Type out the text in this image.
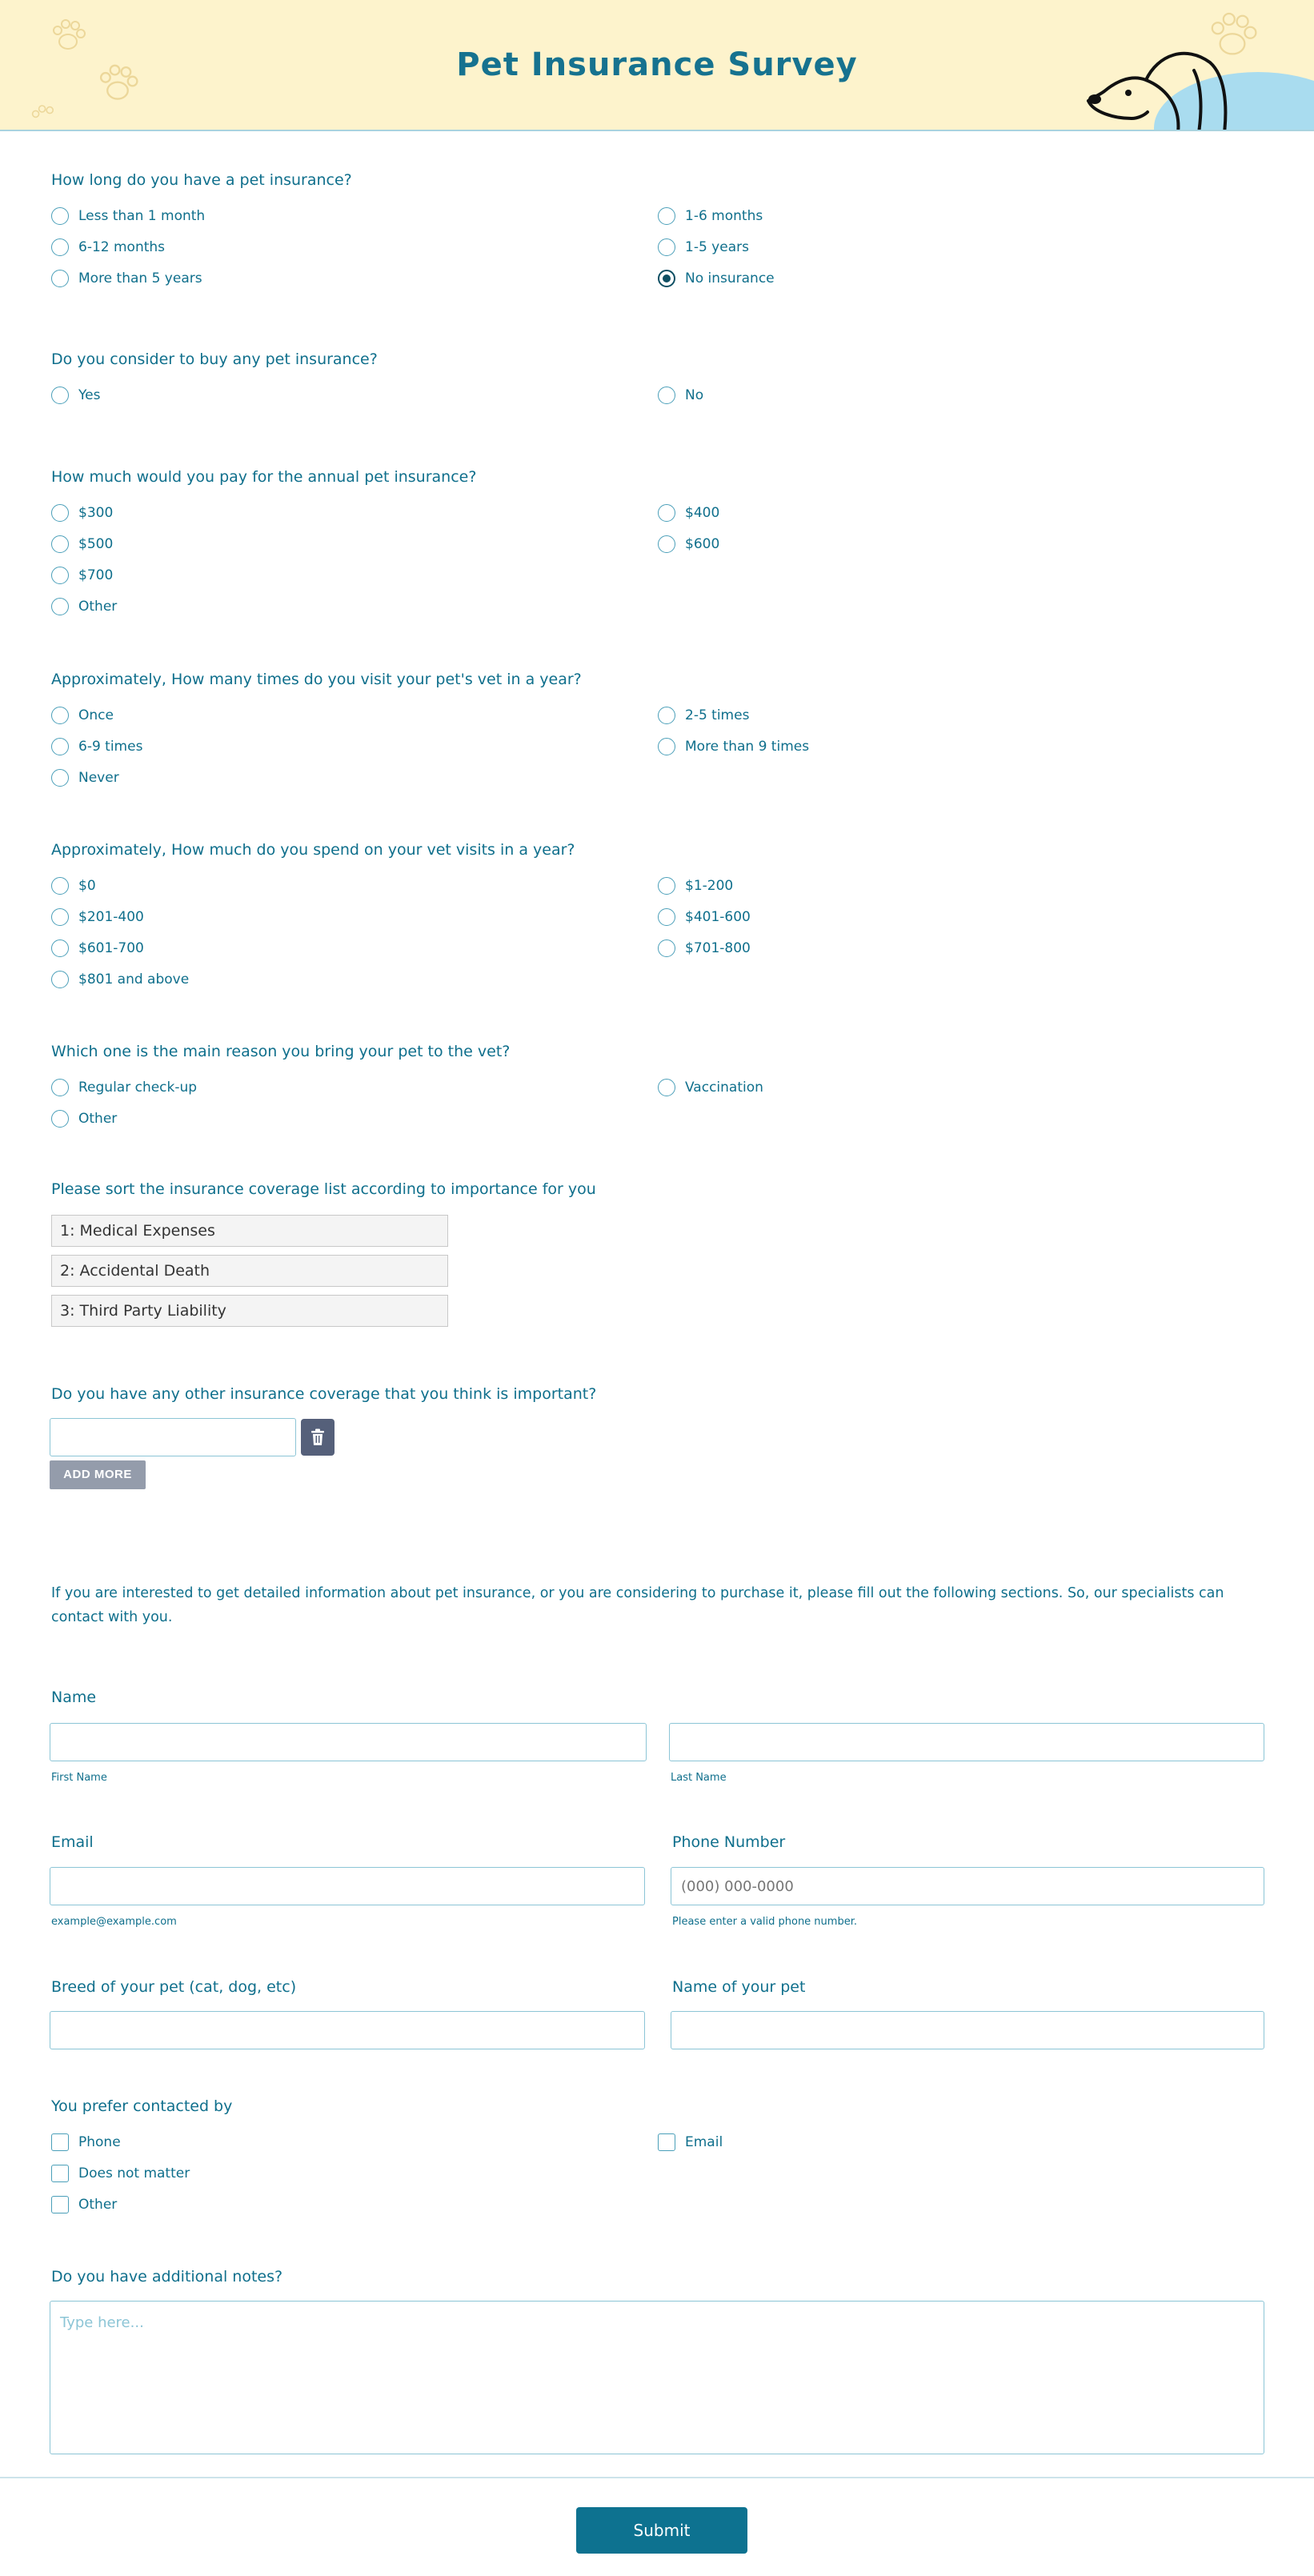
Pet Insurance Survey
How long do you have a pet insurance?
Less than 1 month	1-6 months
6-12 months	1-5 years
More than 5 years	No insurance
Do you consider to buy any pet insurance?
Yes	No
How much would you pay for the annual pet insurance?
$300	$400
$500	$600
$700
Other
Approximately, How many times do you visit your pet's vet in a year?
Once	2-5 times
6-9 times	More than 9 times
Never
Approximately, How much do you spend on your vet visits in a year?
$0	$1-200
$201-400	$401-600
$601-700	$701-800
$801 and above
Which one is the main reason you bring your pet to the vet?
Regular check-up	Vaccination
Other
Please sort the insurance coverage list according to importance for you
1: Medical Expenses
2: Accidental Death
3: Third Party Liability
Do you have any other insurance coverage that you think is important?
ADD MORE
If you are interested to get detailed information about pet insurance, or you are considering to purchase it, please fill out the following sections. So, our specialists can contact with you.
Name
First Name	Last Name
Email	Phone Number
(000) 000-0000
example@example.com	Please enter a valid phone number.
Breed of your pet (cat, dog, etc)	Name of your pet
You prefer contacted by
Phone	Email
Does not matter
Other
Do you have additional notes?
Type here...
Submit
